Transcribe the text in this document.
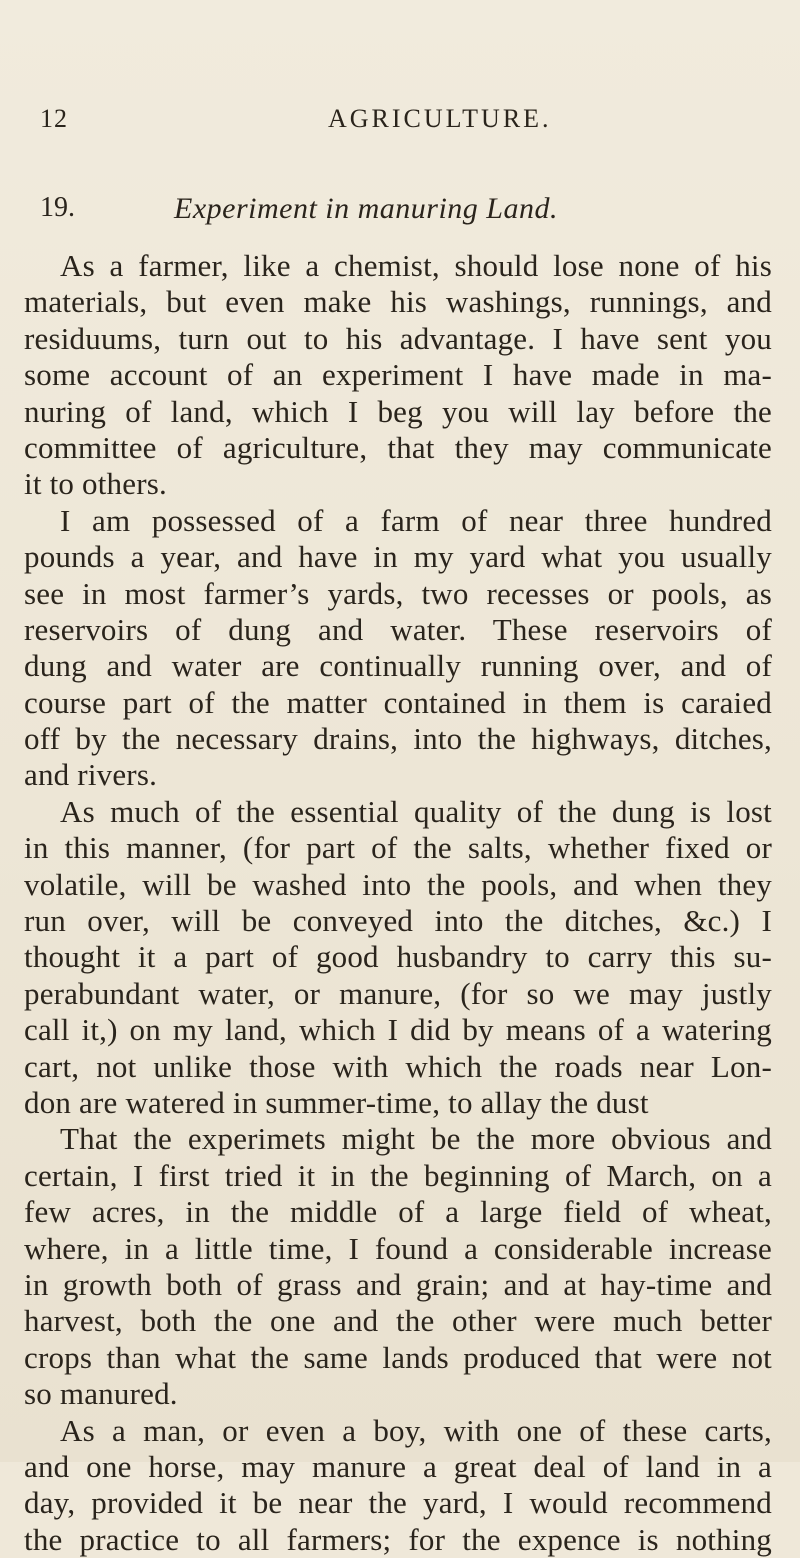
12	AGRICULTURE.
19.	Experiment in manuring Land.
As a farmer, like a chemist, should lose none of his
materials, but even make his washings, runnings, and
residuums, turn out to his advantage. I have sent you
some account of an experiment I have made in ma-
nuring of land, which I beg you will lay before the
committee of agriculture, that they may communicate
it to others.
I am possessed of a farm of near three hundred
pounds a year, and have in my yard what you usually
see in most farmer’s yards, two recesses or pools, as
reservoirs of dung and water. These reservoirs of
dung and water are continually running over, and of
course part of the matter contained in them is caraied
off by the necessary drains, into the highways, ditches,
and rivers.
As much of the essential quality of the dung is lost
in this manner, (for part of the salts, whether fixed or
volatile, will be washed into the pools, and when they
run over, will be conveyed into the ditches, &c.) I
thought it a part of good husbandry to carry this su-
perabundant water, or manure, (for so we may justly
call it,) on my land, which I did by means of a watering
cart, not unlike those with which the roads near Lon-
don are watered in summer-time, to allay the dust
That the experimets might be the more obvious and
certain, I first tried it in the beginning of March, on a
few acres, in the middle of a large field of wheat,
where, in a little time, I found a considerable increase
in growth both of grass and grain; and at hay-time and
harvest, both the one and the other were much better
crops than what the same lands produced that were not
so manured.
As a man, or even a boy, with one of these carts,
and one horse, may manure a great deal of land in a
day, provided it be near the yard, I would recommend
the practice to all farmers; for the expence is nothing
